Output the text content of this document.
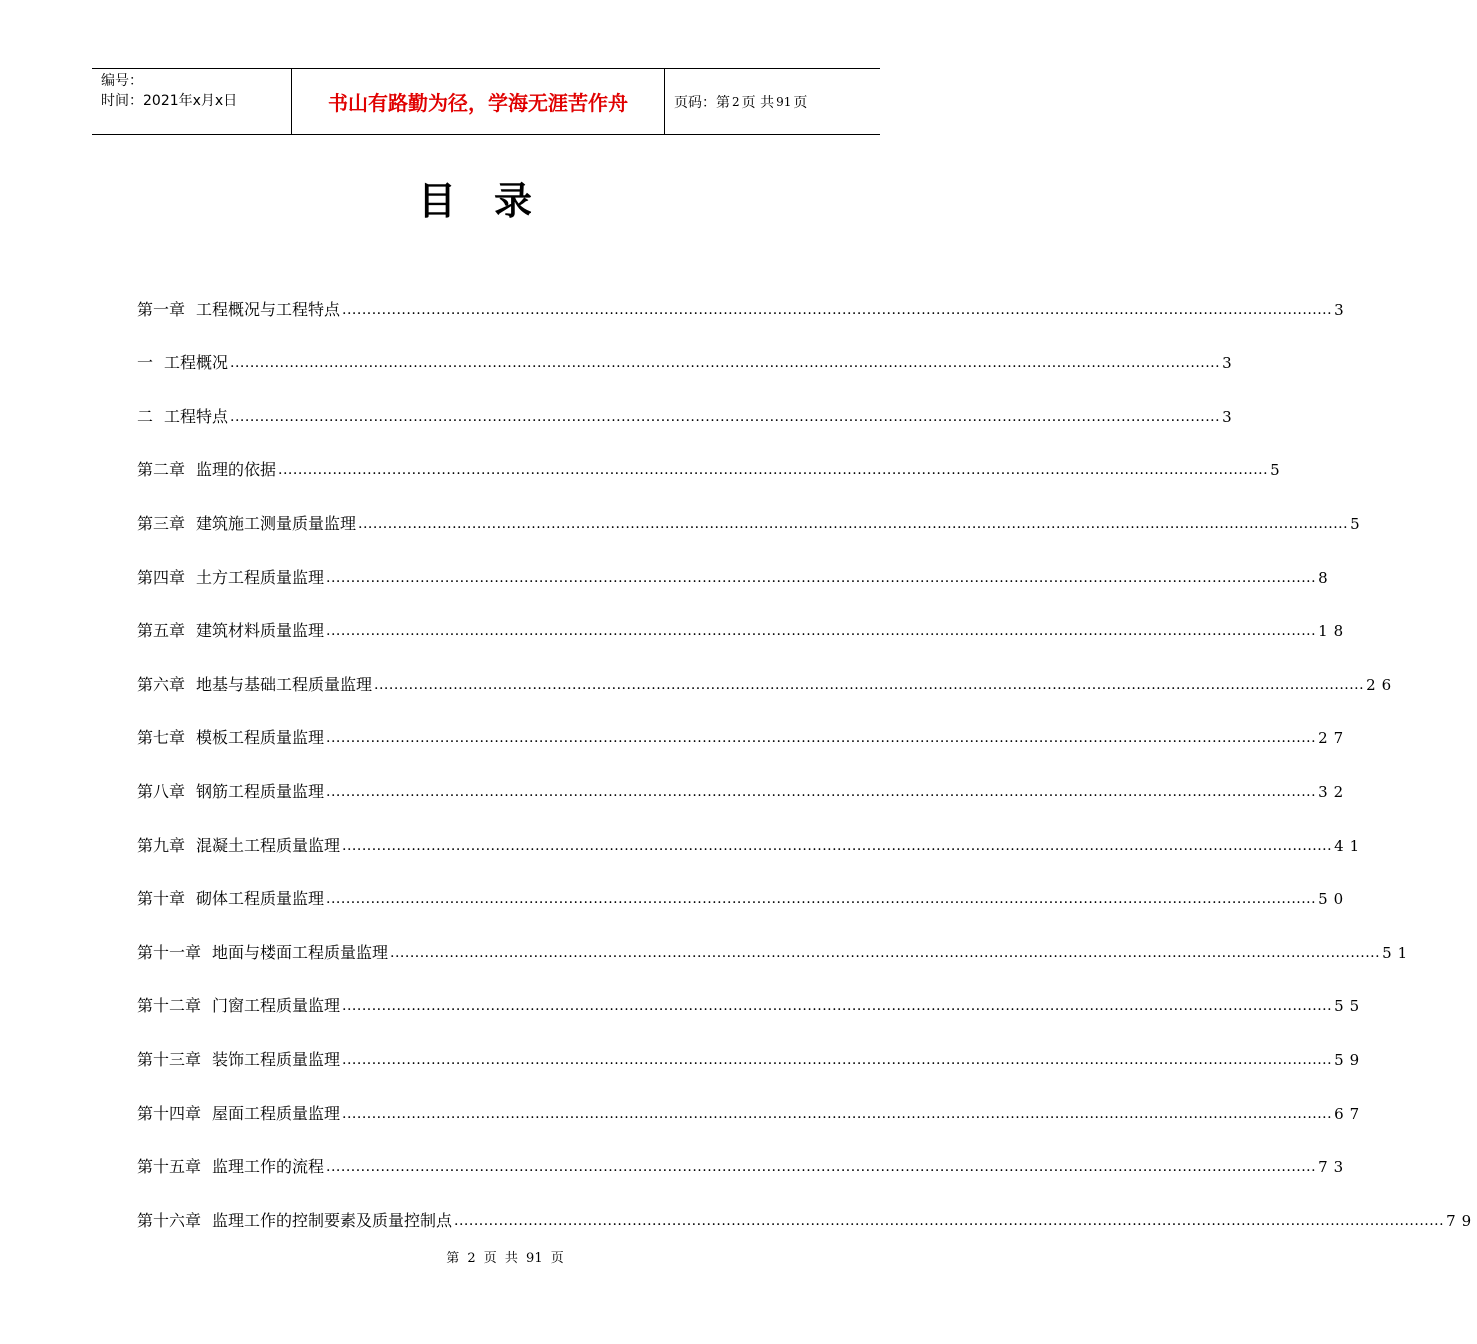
编号：
时间：2021年x月x日	书山有路勤为径，学海无涯苦作舟	页码：第 2 页 共 91 页
目录
第一章 工程概况与工程特点 ........................................................................................................................................................................................................ 3
一 工程概况 ........................................................................................................................................................................................................ 3
二 工程特点 ........................................................................................................................................................................................................ 3
第二章 监理的依据 ........................................................................................................................................................................................................ 5
第三章 建筑施工测量质量监理 ........................................................................................................................................................................................................ 5
第四章 土方工程质量监理 ........................................................................................................................................................................................................ 8
第五章 建筑材料质量监理 ........................................................................................................................................................................................................ 18
第六章 地基与基础工程质量监理 ........................................................................................................................................................................................................ 26
第七章 模板工程质量监理 ........................................................................................................................................................................................................ 27
第八章 钢筋工程质量监理 ........................................................................................................................................................................................................ 32
第九章 混凝土工程质量监理 ........................................................................................................................................................................................................ 41
第十章 砌体工程质量监理 ........................................................................................................................................................................................................ 50
第十一章 地面与楼面工程质量监理 ........................................................................................................................................................................................................ 51
第十二章 门窗工程质量监理 ........................................................................................................................................................................................................ 55
第十三章 装饰工程质量监理 ........................................................................................................................................................................................................ 59
第十四章 屋面工程质量监理 ........................................................................................................................................................................................................ 67
第十五章 监理工作的流程 ........................................................................................................................................................................................................ 73
第十六章 监理工作的控制要素及质量控制点 ........................................................................................................................................................................................................ 79
第 2 页 共 91 页
